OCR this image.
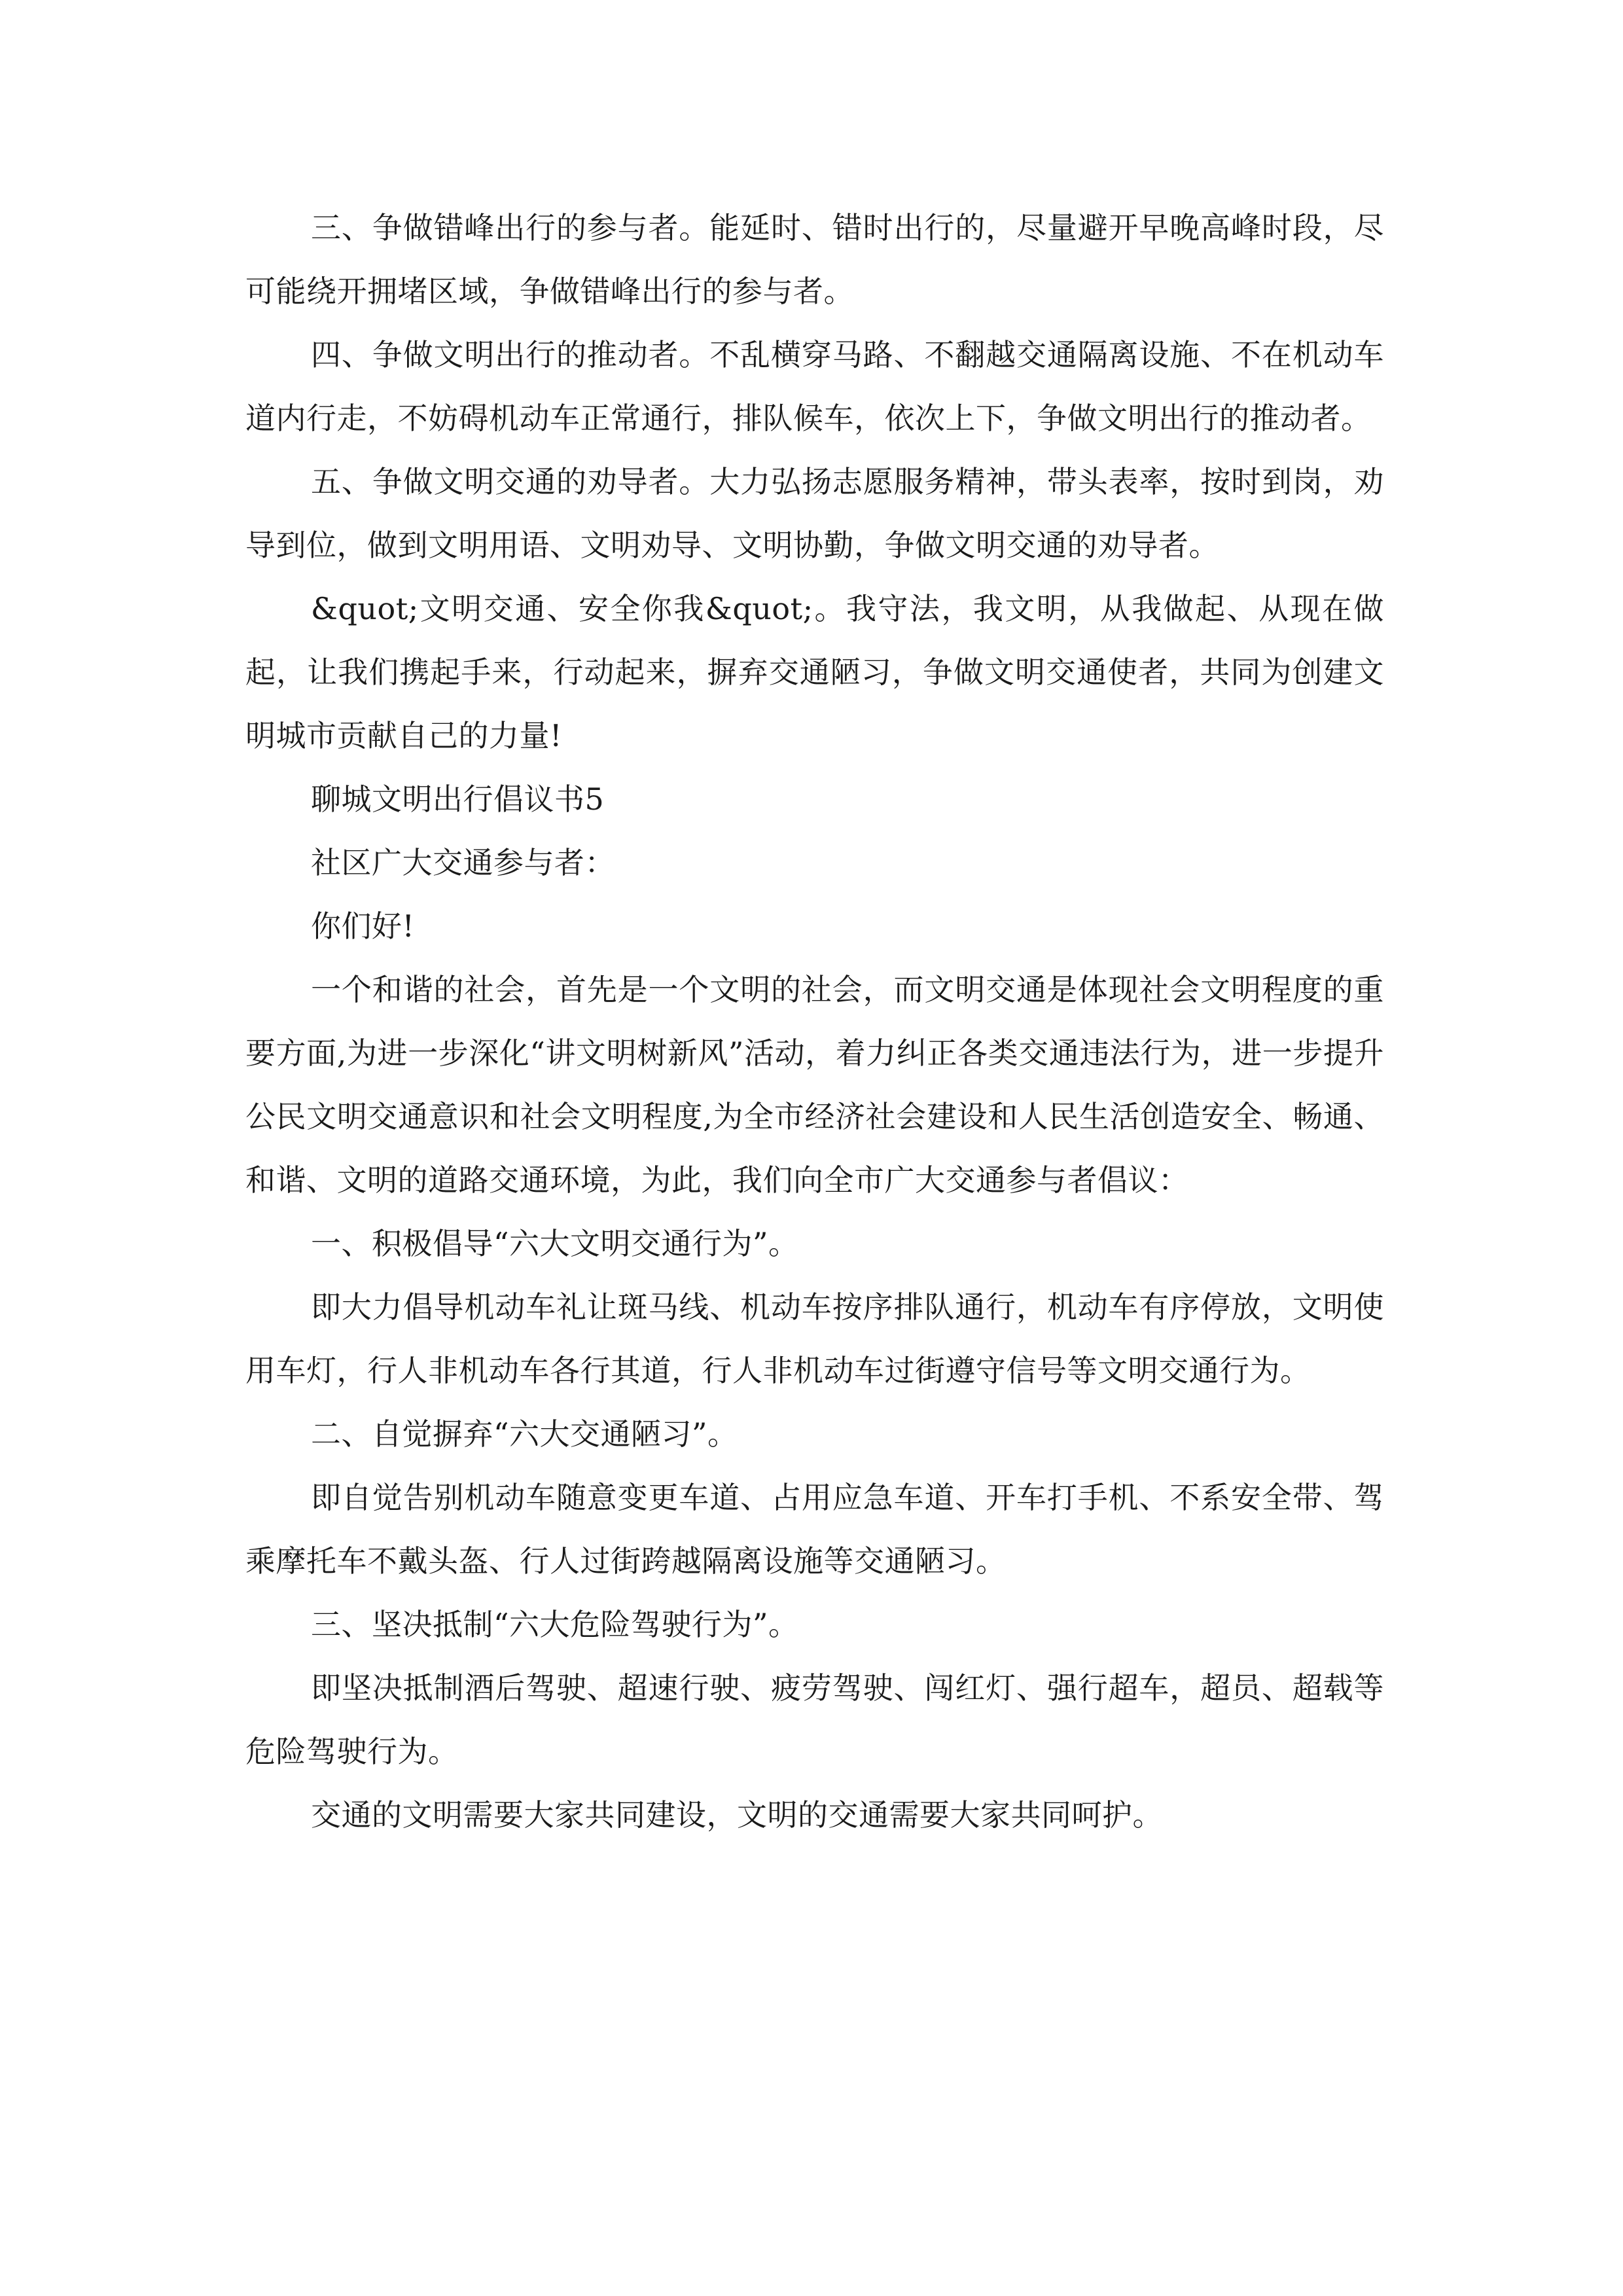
三、争做错峰出行的参与者。能延时、错时出行的，尽量避开早晚高峰时段，尽可能绕开拥堵区域，争做错峰出行的参与者。

四、争做文明出行的推动者。不乱横穿马路、不翻越交通隔离设施、不在机动车道内行走，不妨碍机动车正常通行，排队候车，依次上下，争做文明出行的推动者。

五、争做文明交通的劝导者。大力弘扬志愿服务精神，带头表率，按时到岗，劝导到位，做到文明用语、文明劝导、文明协勤，争做文明交通的劝导者。

&quot;文明交通、安全你我&quot;。我守法，我文明，从我做起、从现在做起，让我们携起手来，行动起来，摒弃交通陋习，争做文明交通使者，共同为创建文明城市贡献自己的力量!

聊城文明出行倡议书5

社区广大交通参与者：

你们好!

一个和谐的社会，首先是一个文明的社会，而文明交通是体现社会文明程度的重要方面,为进一步深化“讲文明树新风”活动，着力纠正各类交通违法行为，进一步提升公民文明交通意识和社会文明程度,为全市经济社会建设和人民生活创造安全、畅通、和谐、文明的道路交通环境，为此，我们向全市广大交通参与者倡议：

一、积极倡导“六大文明交通行为”。

即大力倡导机动车礼让斑马线、机动车按序排队通行，机动车有序停放，文明使用车灯，行人非机动车各行其道，行人非机动车过街遵守信号等文明交通行为。

二、自觉摒弃“六大交通陋习”。

即自觉告别机动车随意变更车道、占用应急车道、开车打手机、不系安全带、驾乘摩托车不戴头盔、行人过街跨越隔离设施等交通陋习。

三、坚决抵制“六大危险驾驶行为”。

即坚决抵制酒后驾驶、超速行驶、疲劳驾驶、闯红灯、强行超车，超员、超载等危险驾驶行为。

交通的文明需要大家共同建设，文明的交通需要大家共同呵护。
